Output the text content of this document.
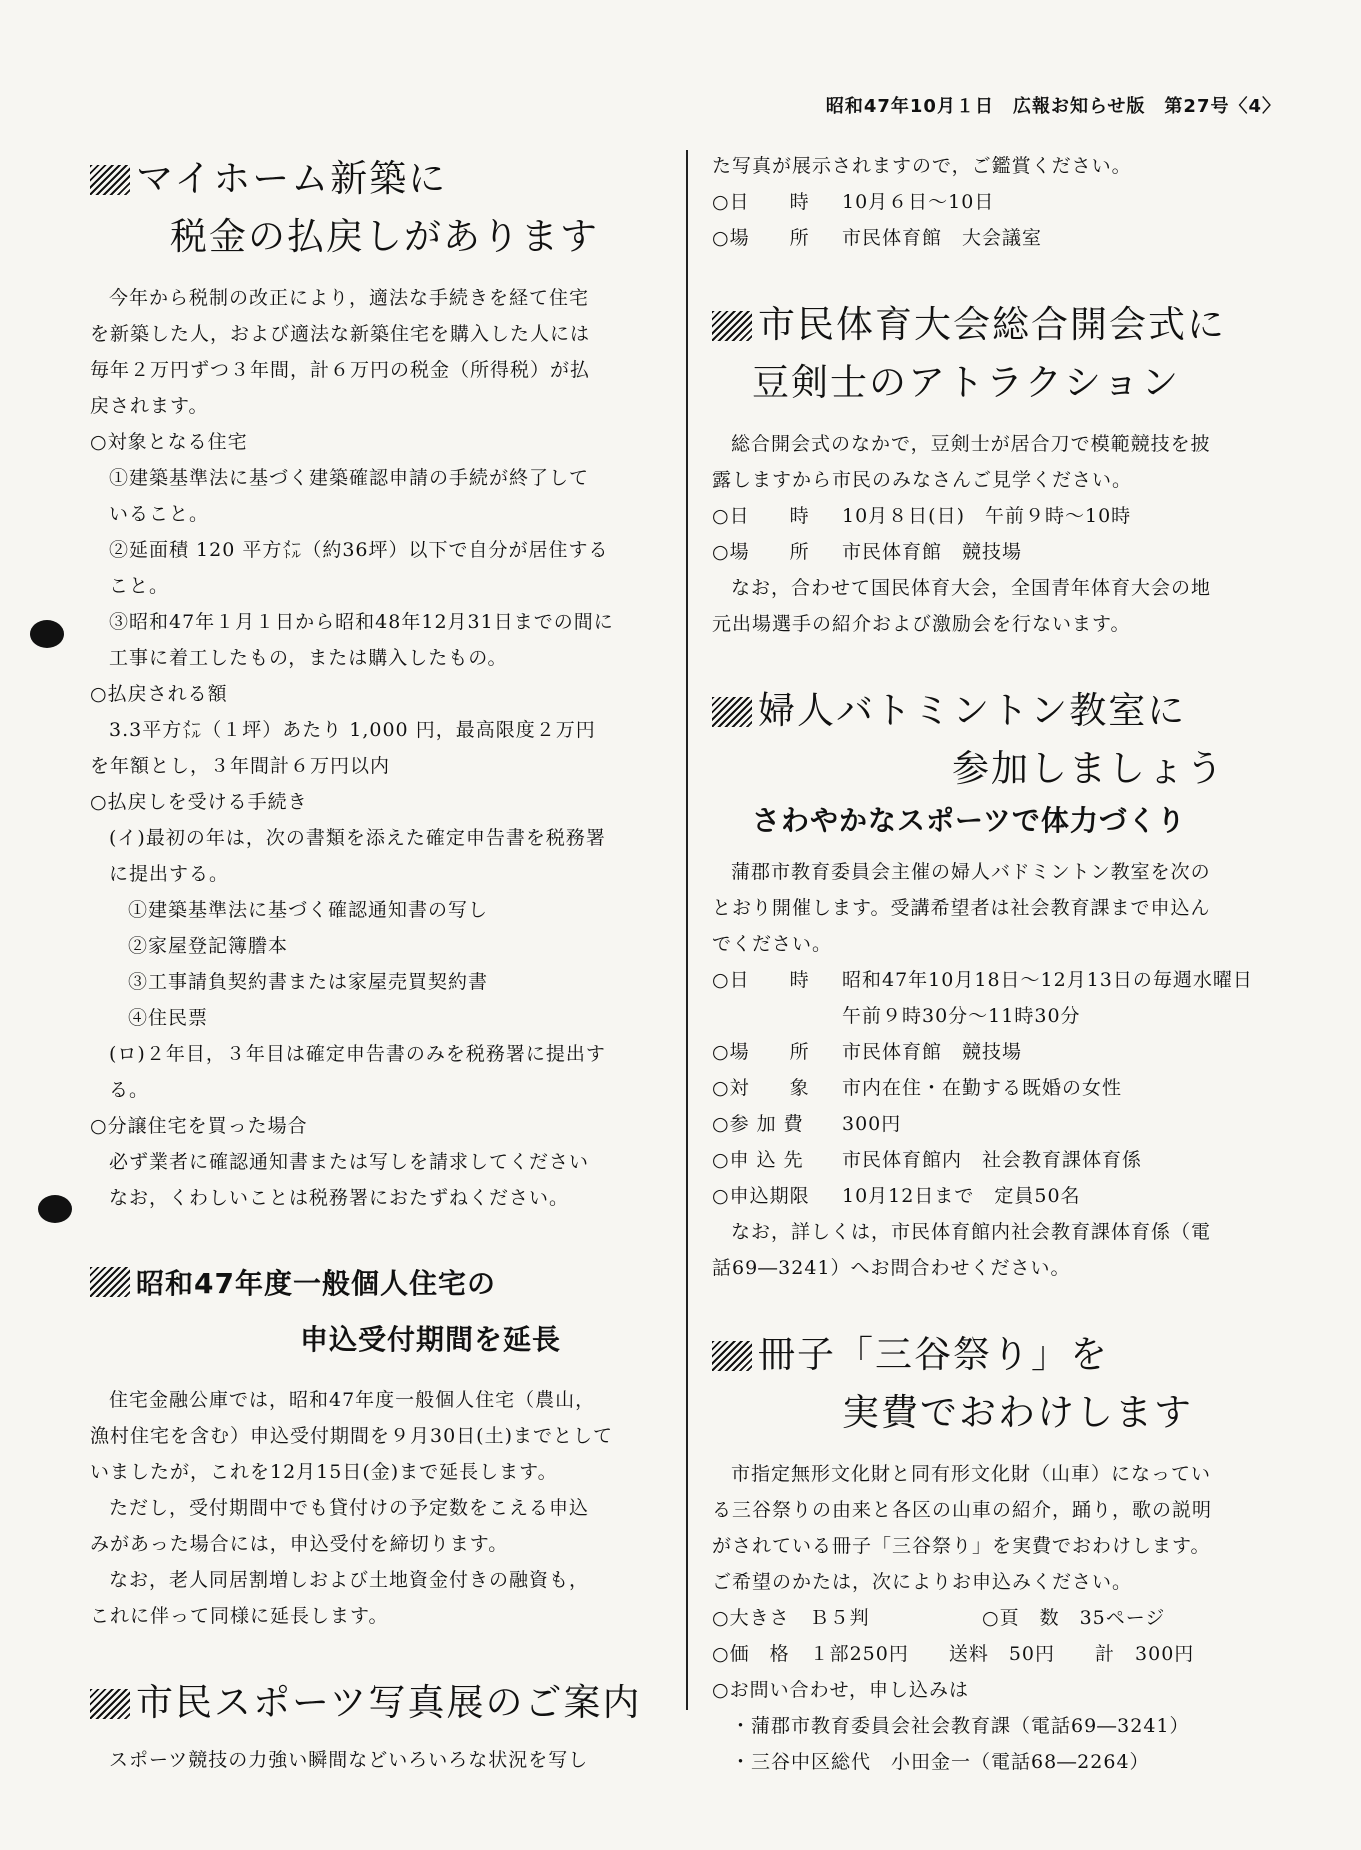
昭和47年10月１日　広報お知らせ版　第27号〈4〉
マイホーム新築に
税金の払戻しがあります

今年から税制の改正により，適法な手続きを経て住宅

を新築した人，および適法な新築住宅を購入した人には

毎年２万円ずつ３年間，計６万円の税金（所得税）が払

戻されます。

○対象となる住宅

①建築基準法に基づく建築確認申請の手続が終了して

いること。

②延面積 120 平方㍍（約36坪）以下で自分が居住する

こと。

③昭和47年１月１日から昭和48年12月31日までの間に

工事に着工したもの，または購入したもの。

○払戻される額

3.3平方㍍（１坪）あたり 1,000 円，最高限度２万円

を年額とし，３年間計６万円以内

○払戻しを受ける手続き

(イ)最初の年は，次の書類を添えた確定申告書を税務署

に提出する。

①建築基準法に基づく確認通知書の写し

②家屋登記簿謄本

③工事請負契約書または家屋売買契約書

④住民票

(ロ)２年目，３年目は確定申告書のみを税務署に提出す

る。

○分譲住宅を買った場合

必ず業者に確認通知書または写しを請求してください

なお，くわしいことは税務署におたずねください。

昭和47年度一般個人住宅の
申込受付期間を延長

住宅金融公庫では，昭和47年度一般個人住宅（農山，

漁村住宅を含む）申込受付期間を９月30日(土)までとして

いましたが，これを12月15日(金)まで延長します。

ただし，受付期間中でも貸付けの予定数をこえる申込

みがあった場合には，申込受付を締切ります。

なお，老人同居割増しおよび土地資金付きの融資も，

これに伴って同様に延長します。

市民スポーツ写真展のご案内

スポーツ競技の力強い瞬間などいろいろな状況を写し

た写真が展示されますので，ご鑑賞ください。

○日　　時	10月６日～10日
○場　　所	市民体育館　大会議室
市民体育大会総合開会式に
豆剣士のアトラクション

総合開会式のなかで，豆剣士が居合刀で模範競技を披

露しますから市民のみなさんご見学ください。

○日　　時	10月８日(日)　午前９時～10時
○場　　所	市民体育館　競技場

なお，合わせて国民体育大会，全国青年体育大会の地

元出場選手の紹介および激励会を行ないます。

婦人バトミントン教室に
参加しましょう
さわやかなスポーツで体力づくり

蒲郡市教育委員会主催の婦人バドミントン教室を次の

とおり開催します。受講希望者は社会教育課まで申込ん

でください。

○日　　時	昭和47年10月18日～12月13日の毎週水曜日
午前９時30分～11時30分
○場　　所	市民体育館　競技場
○対　　象	市内在住・在勤する既婚の女性
○参 加 費	300円
○申 込 先	市民体育館内　社会教育課体育係
○申込期限	10月12日まで　定員50名

なお，詳しくは，市民体育館内社会教育課体育係（電

話69―3241）へお問合わせください。

冊子「三谷祭り」を
実費でおわけします

市指定無形文化財と同有形文化財（山車）になってい

る三谷祭りの由来と各区の山車の紹介，踊り，歌の説明

がされている冊子「三谷祭り」を実費でおわけします。

ご希望のかたは，次によりお申込みください。

○大きさ　Ｂ５判	○頁　数　35ページ
○価　格　１部250円　　送料　50円　　計　300円

○お問い合わせ，申し込みは

・蒲郡市教育委員会社会教育課（電話69―3241）

・三谷中区総代　小田金一（電話68―2264）
